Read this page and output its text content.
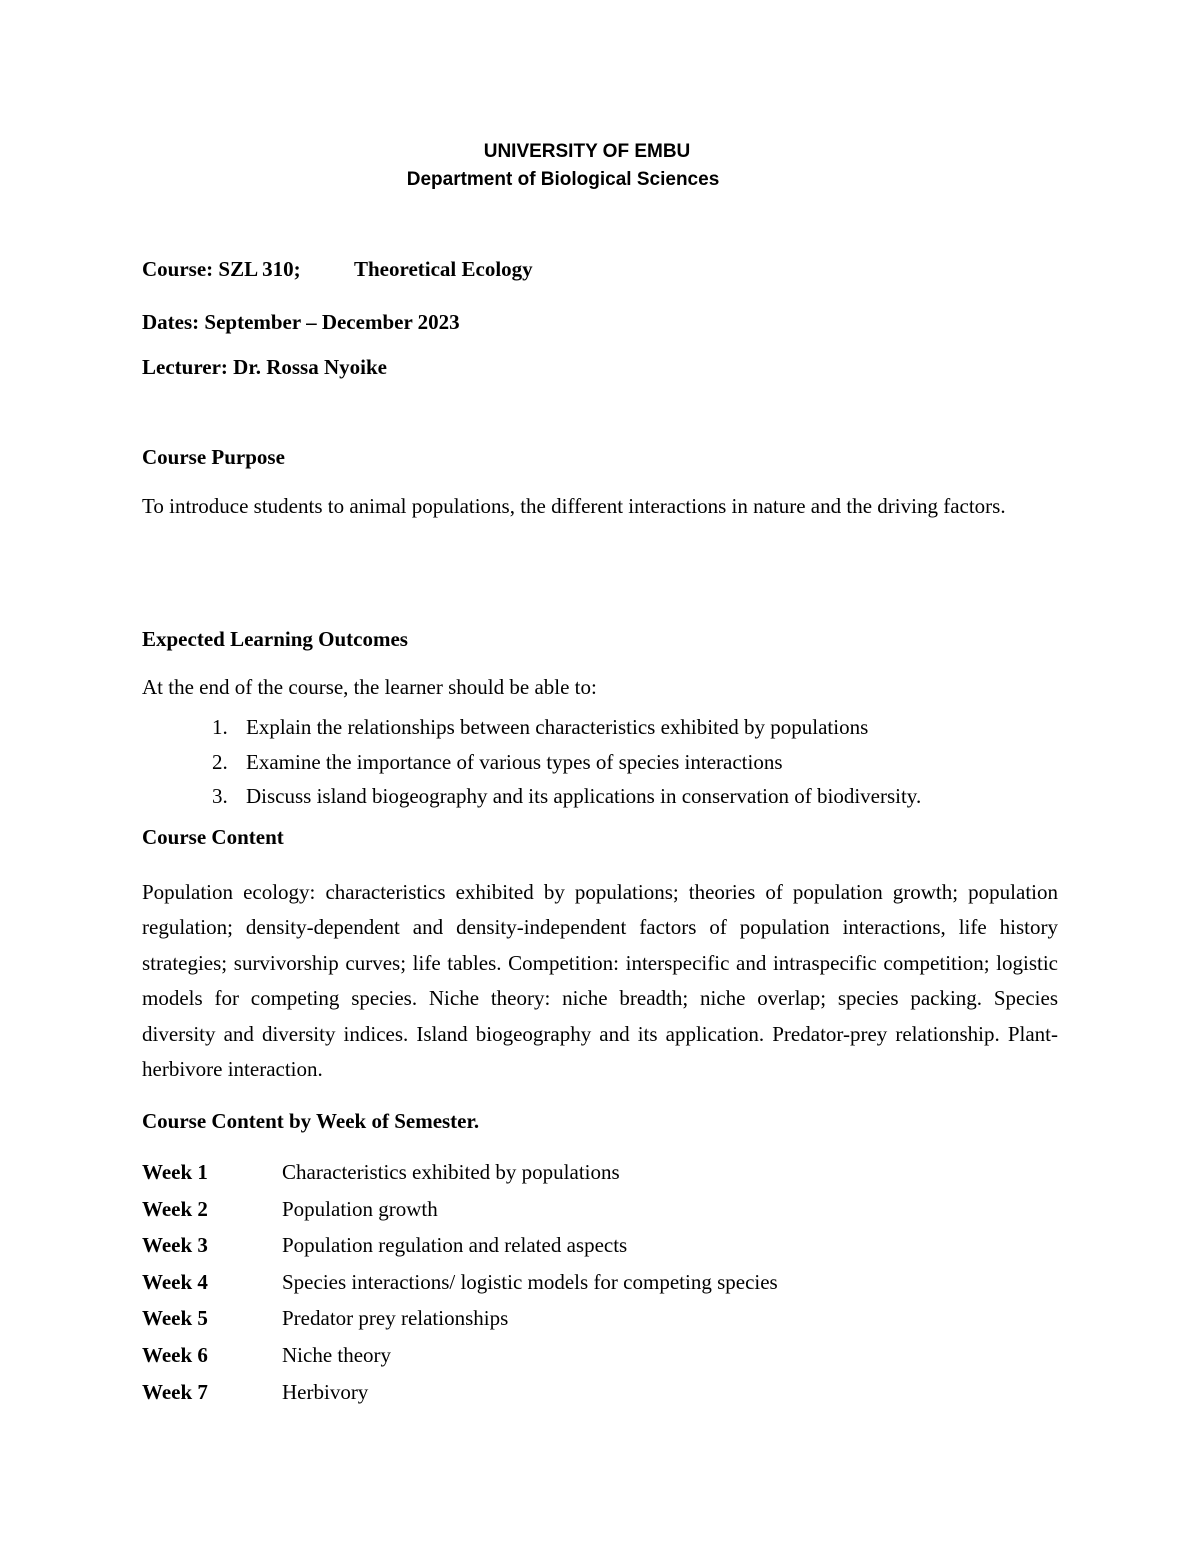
UNIVERSITY OF EMBU
Department of Biological Sciences
Course: SZL 310;	Theoretical Ecology
Dates: September – December 2023
Lecturer: Dr. Rossa Nyoike
Course Purpose
To introduce students to animal populations, the different interactions in nature and the driving factors.
Expected Learning Outcomes
At the end of the course, the learner should be able to:
1. Explain the relationships between characteristics exhibited by populations
2. Examine the importance of various types of species interactions
3. Discuss island biogeography and its applications in conservation of biodiversity.
Course Content
Population ecology: characteristics exhibited by populations; theories of population growth; population regulation; density-dependent and density-independent factors of population interactions, life history strategies; survivorship curves; life tables. Competition: interspecific and intraspecific competition; logistic models for competing species. Niche theory: niche breadth; niche overlap; species packing. Species diversity and diversity indices. Island biogeography and its application. Predator-prey relationship. Plant-herbivore interaction.
Course Content by Week of Semester.
Week 1	Characteristics exhibited by populations
Week 2	Population growth
Week 3	Population regulation and related aspects
Week 4	Species interactions/ logistic models for competing species
Week 5	Predator prey relationships
Week 6	Niche theory
Week 7	Herbivory
